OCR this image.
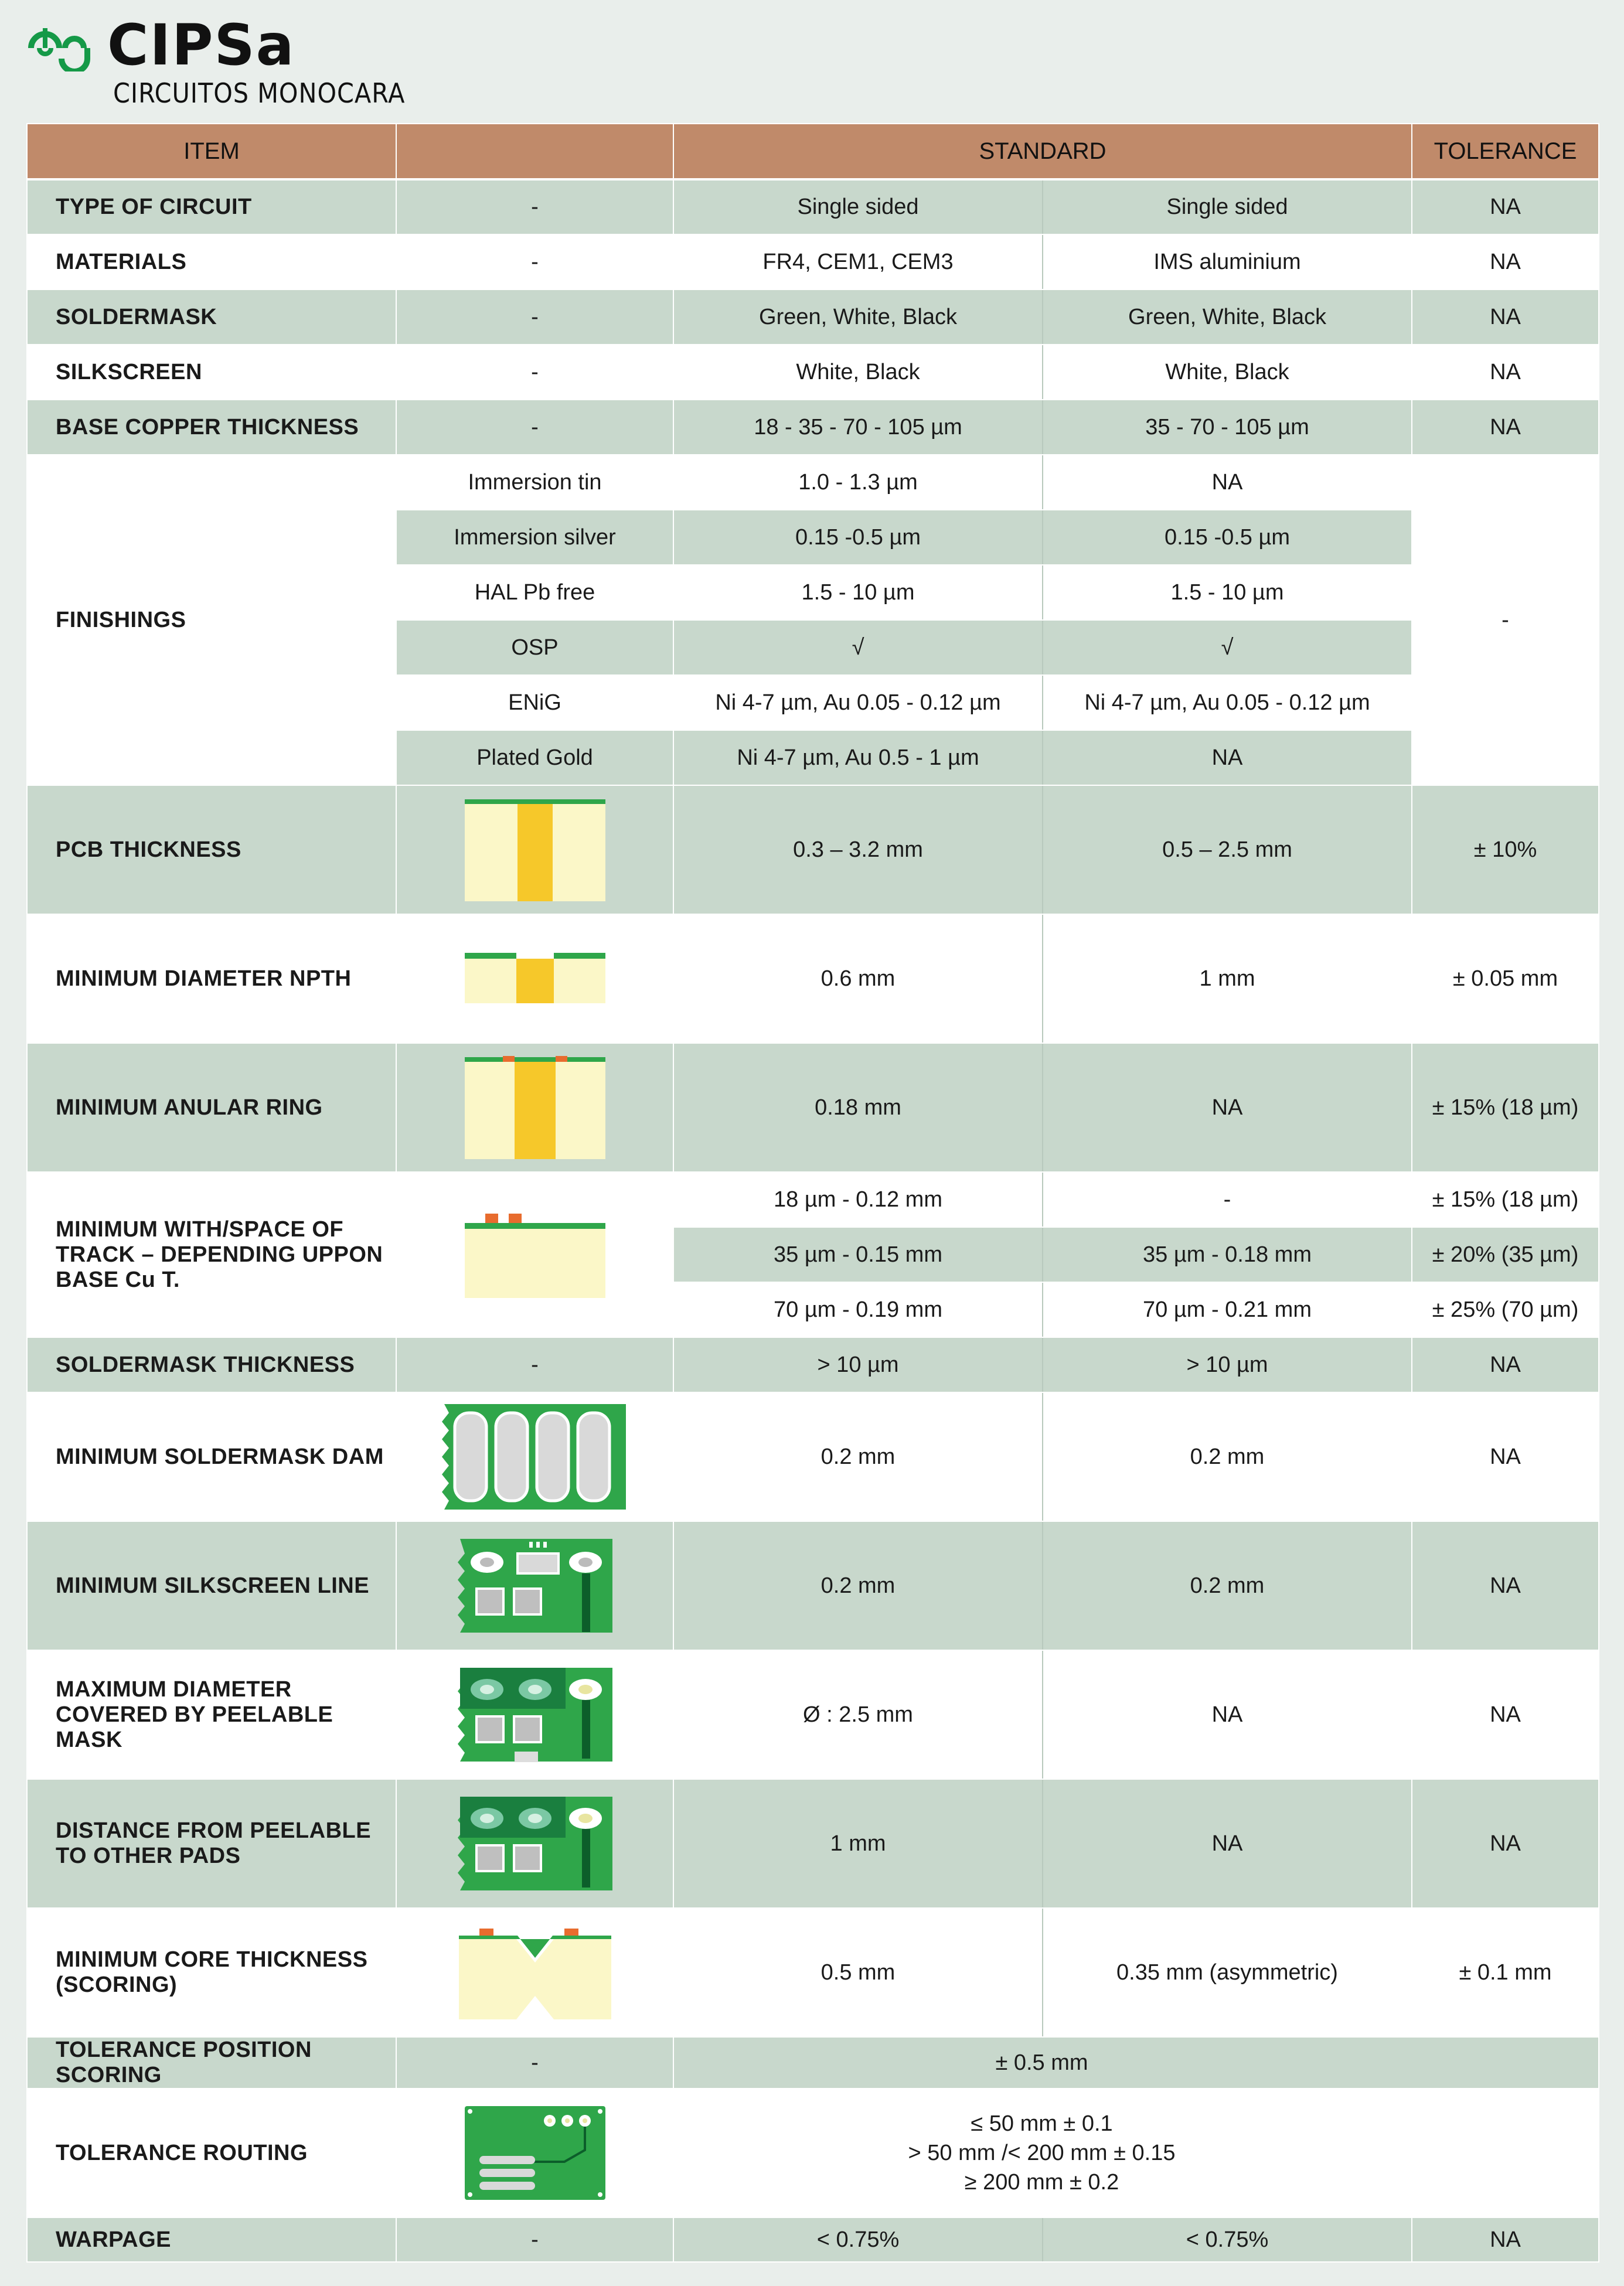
CIPSa
CIRCUITOS MONOCARA
ITEM		STANDARD		TOLERANCE
TYPE OF CIRCUIT	-	Single sided	Single sided	NA
MATERIALS	-	FR4, CEM1, CEM3	IMS aluminium	NA
SOLDERMASK	-	Green, White, Black	Green, White, Black	NA
SILKSCREEN	-	White, Black	White, Black	NA
BASE COPPER THICKNESS	-	18 - 35 - 70 - 105 µm	35 - 70 - 105 µm	NA
FINISHINGS	Immersion tin	1.0 - 1.3 µm	NA	-
	Immersion silver	0.15 -0.5 µm	0.15 -0.5 µm	
	HAL Pb free	1.5 - 10 µm	1.5 - 10 µm	
	OSP	√	√	
	ENiG	Ni 4-7 µm, Au 0.05 - 0.12 µm	Ni 4-7 µm, Au 0.05 - 0.12 µm	
	Plated Gold	Ni 4-7 µm, Au 0.5 - 1 µm	NA	
PCB THICKNESS		0.3 – 3.2 mm	0.5 – 2.5 mm	± 10%
MINIMUM DIAMETER NPTH		0.6 mm	1 mm	± 0.05 mm
MINIMUM ANULAR RING		0.18 mm	NA	± 15% (18 µm)
MINIMUM WITH/SPACE OF TRACK – DEPENDING UPPON BASE Cu T.		18 µm - 0.12 mm	-	± 15% (18 µm)
		35 µm - 0.15 mm	35 µm - 0.18 mm	± 20% (35 µm)
		70 µm - 0.19 mm	70 µm - 0.21 mm	± 25% (70 µm)
SOLDERMASK THICKNESS	-	> 10 µm	> 10 µm	NA
MINIMUM SOLDERMASK DAM		0.2 mm	0.2 mm	NA
MINIMUM SILKSCREEN LINE		0.2 mm	0.2 mm	NA
MAXIMUM DIAMETER COVERED BY PEELABLE MASK		Ø : 2.5 mm	NA	NA
DISTANCE FROM PEELABLE TO OTHER PADS		1 mm	NA	NA
MINIMUM CORE THICKNESS (SCORING)		0.5 mm	0.35 mm (asymmetric)	± 0.1 mm
TOLERANCE POSITION SCORING	-	± 0.5 mm		
TOLERANCE ROUTING		≤ 50 mm ± 0.1
> 50 mm /< 200 mm ± 0.15
≥ 200 mm ± 0.2		

WARPAGE	-	< 0.75%	< 0.75%	NA
